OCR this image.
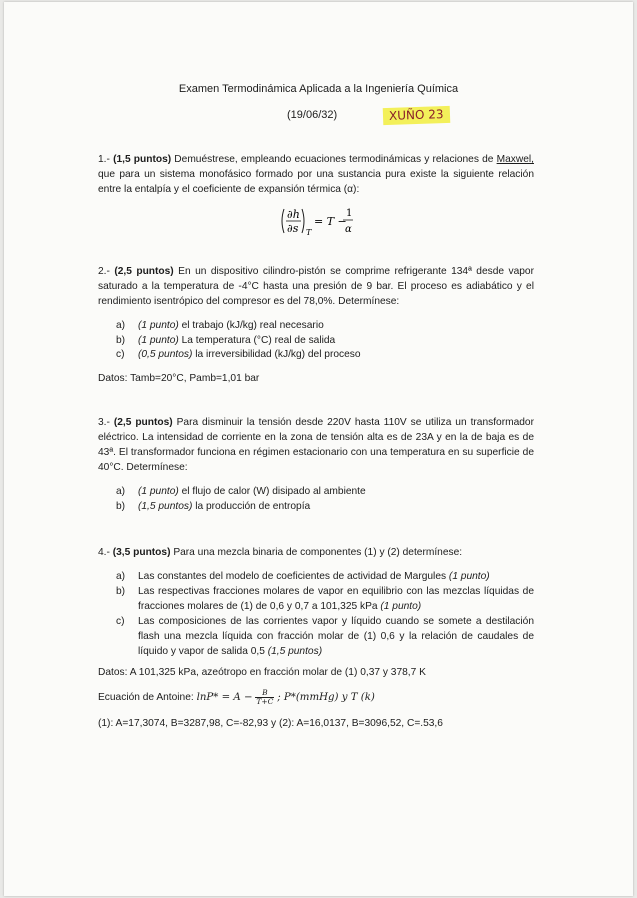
Examen Termodinámica Aplicada a la Ingeniería Química
(19/06/32)	XUÑO 23
1.- (1,5 puntos) Demuéstrese, empleando ecuaciones termodinámicas y relaciones de Maxwel, que para un sistema monofásico formado por una sustancia pura existe la siguiente relación entre la entalpía y el coeficiente de expansión térmica (α):
∂h
∂s T
= T −
1
α
2.- (2,5 puntos) En un dispositivo cilindro-pistón se comprime refrigerante 134ª desde vapor saturado a la temperatura de -4°C hasta una presión de 9 bar. El proceso es adiabático y el rendimiento isentrópico del compresor es del 78,0%. Determínese:
a) (1 punto) el trabajo (kJ/kg) real necesario
b) (1 punto) La temperatura (°C) real de salida
c) (0,5 puntos) la irreversibilidad (kJ/kg) del proceso
Datos: Tamb=20°C, Pamb=1,01 bar
3.- (2,5 puntos) Para disminuir la tensión desde 220V hasta 110V se utiliza un transformador eléctrico. La intensidad de corriente en la zona de tensión alta es de 23A y en la de baja es de 43ª. El transformador funciona en régimen estacionario con una temperatura en su superficie de 40°C. Determínese:
a) (1 punto) el flujo de calor (W) disipado al ambiente
b) (1,5 puntos) la producción de entropía
4.- (3,5 puntos) Para una mezcla binaria de componentes (1) y (2) determínese:
a) Las constantes del modelo de coeficientes de actividad de Margules (1 punto)
b) Las respectivas fracciones molares de vapor en equilibrio con las mezclas líquidas de fracciones molares de (1) de 0,6 y 0,7 a 101,325 kPa (1 punto)
c) Las composiciones de las corrientes vapor y líquido cuando se somete a destilación flash una mezcla líquida con fracción molar de (1) 0,6 y la relación de caudales de líquido y vapor de salida 0,5 (1,5 puntos)
Datos: A 101,325 kPa, azeótropo en fracción molar de (1) 0,37 y 378,7 K
Ecuación de Antoine: $\ln P* = A - \frac{B}{T+C}$ ; P*(mmHg) y T (k)
(1): A=17,3074, B=3287,98, C=-82,93 y (2): A=16,0137, B=3096,52, C=.53,6
